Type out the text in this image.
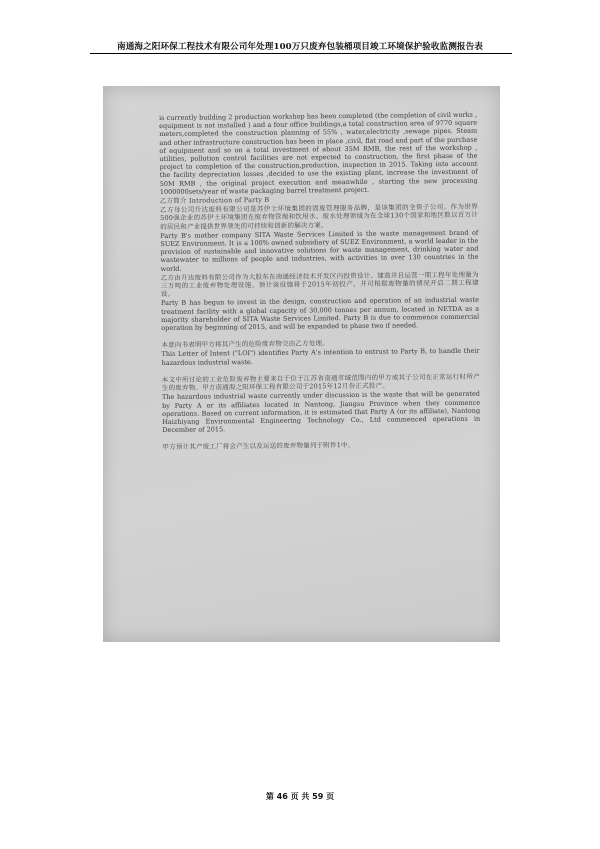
南通海之阳环保工程技术有限公司年处理100万只废弃包装桶项目竣工环境保护验收监测报告表

is currently building 2 production workshop has been completed (the completion of civil works , equipment is not installed ) and a four office buildings,a total construction area of 9770 square meters,completed the construction planning of 55% , water,electricity ,sewage pipes. Steam and other infrastructure construction has been in place ,civil, flat road and part of the purchase of equipment and so on a total investment of about 35M RMB, the rest of the workshop , utilities, pollution control facilities are not expected to construction, the first phase of the project to completion of the construction,production, inspection in 2015. Taking into account the facility depreciation losses ,decided to use the existing plant, increase the investment of 50M RMB , the original project execution and meanwhile , starting the new processing 1000000sets/year of waste packaging barrel treatment project.

乙方简介 Introduction of Party B

乙方母公司升达废料有限公司是苏伊士环境集团的固废管理服务品牌，是该集团的全资子公司。作为世界500强企业的苏伊士环境集团在废弃物管理和饮用水、废水处理领域为在全球130个国家和地区数以百万计的居民和产业提供世界领先的可持续和创新的解决方案。

Party B's mother company SITA Waste Services Limited is the waste management brand of SUEZ Environment. It is a 100% owned subsidiary of SUEZ Environment, a world leader in the provision of sustainable and innovative solutions for waste management, drinking water and wastewater to millions of people and industries, with activities in over 130 countries in the world.

乙方由升达废料有限公司作为大股东在南通经济技术开发区内投资设计、建造并且运营一期工程年处理量为三万吨的工业废弃物处理设施。预计该设施将于2015年初投产，并可根据废物量的情况开启二期工程建设。

Party B has begun to invest in the design, construction and operation of an industrial waste treatment facility with a global capacity of 30,000 tonnes per annum, located in NETDA as a majority shareholder of SITA Waste Services Limited. Party B is due to commence commercial operation by beginning of 2015, and will be expanded to phase two if needed.

本意向书表明甲方将其产生的危险废弃物交由乙方处理。

This Letter of Intent ("LOI") identifies Party A's intention to entrust to Party B, to handle their hazardous industrial waste.

本文中所讨论的工业危险废弃物主要来自于位于江苏省南通市域范围内的甲方或其子公司在正常运行时所产生的废弃物。甲方南通海之阳环保工程有限公司于2015年12月份正式投产。

The hazardous industrial waste currently under discussion is the waste that will be generated by Party A or its affiliates located in Nantong, Jiangsu Province when they commence operations. Based on current information, it is estimated that Party A (or its affiliate), Nantong Haizhiyang Environmental Engineering Technology Co., Ltd commenced operations in December of 2015.

甲方预计其产废工厂将会产生以及运送的废弃物量列于附件1中。

第 46 页 共 59 页
